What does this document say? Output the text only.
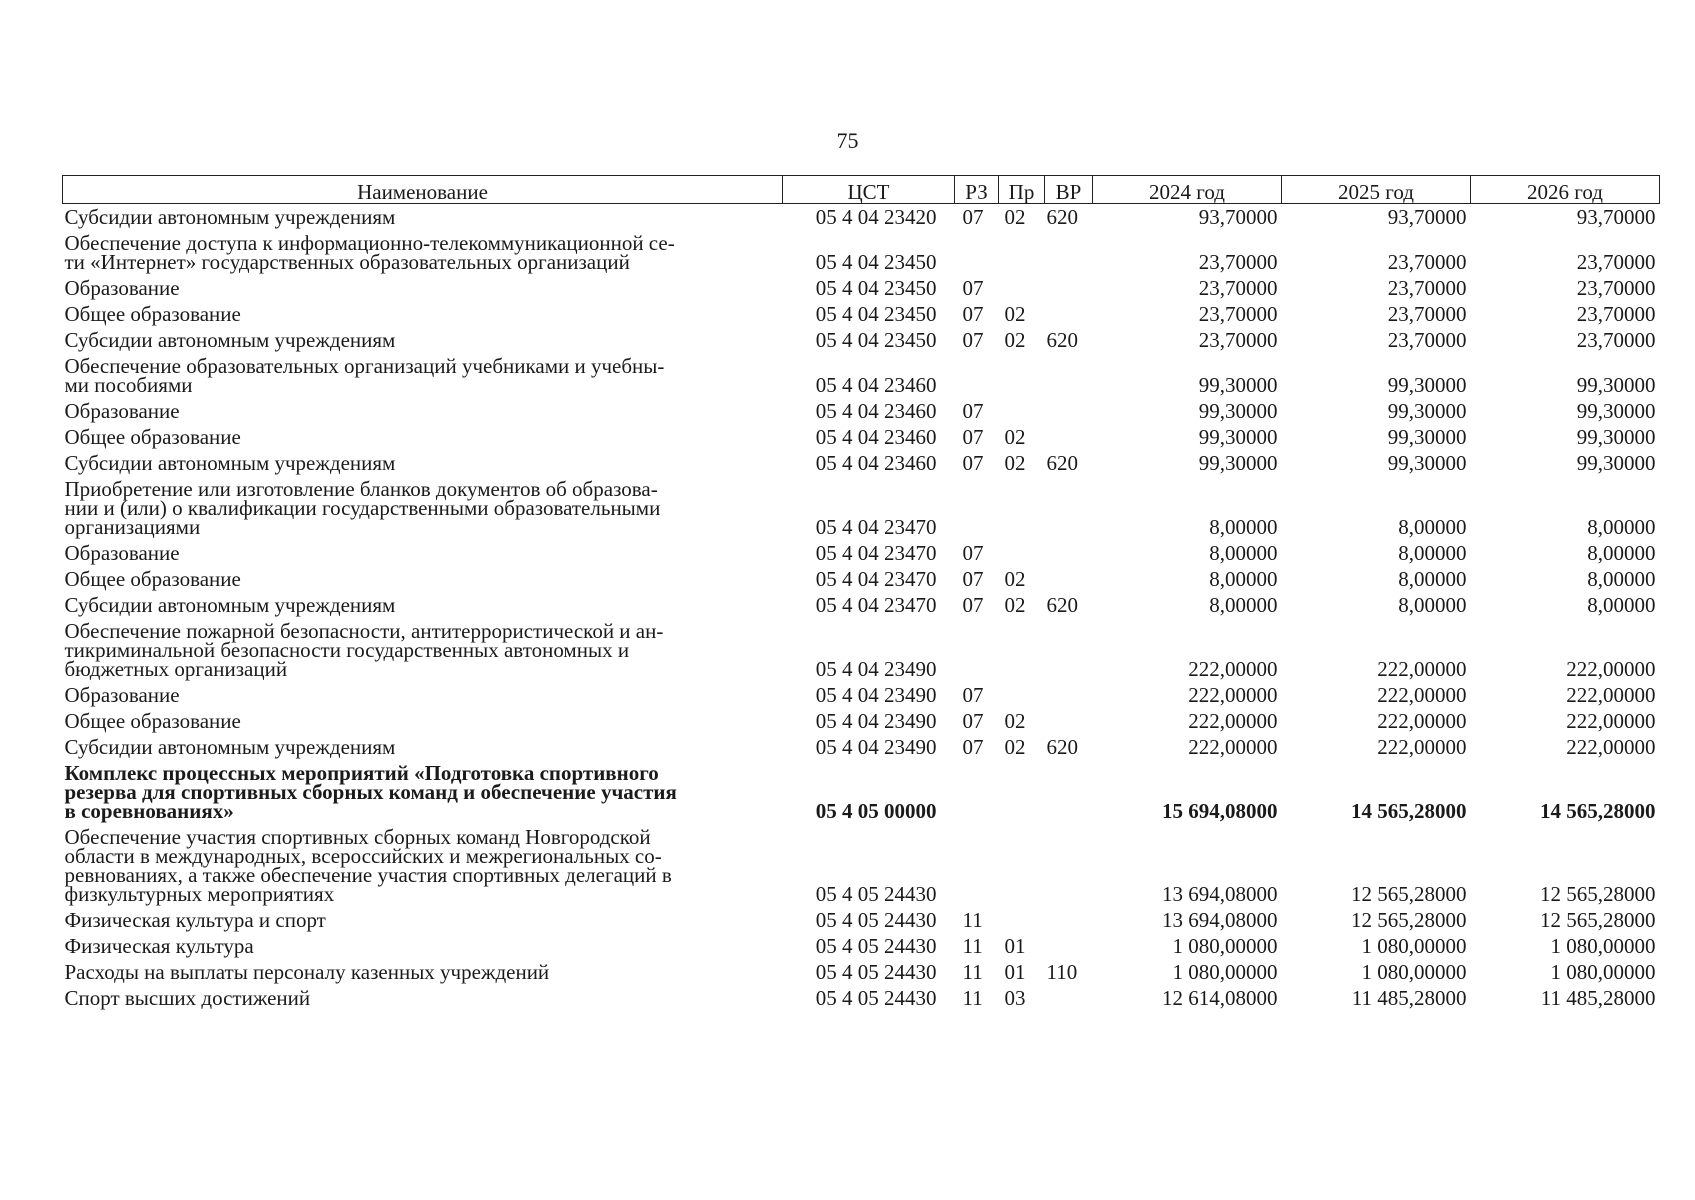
75
Наименование	ЦСТ	РЗ	Пр	ВР	2024 год	2025 год	2026 год

Субсидии автономным учреждениям	05 4 04 23420	07	02	620	93,70000	93,70000	93,70000

Обеспечение доступа к информационно-телекоммуникационной се-
ти «Интернет» государственных образовательных организаций	05 4 04 23450				23,70000	23,70000	23,70000

Образование	05 4 04 23450	07			23,70000	23,70000	23,70000

Общее образование	05 4 04 23450	07	02		23,70000	23,70000	23,70000

Субсидии автономным учреждениям	05 4 04 23450	07	02	620	23,70000	23,70000	23,70000

Обеспечение образовательных организаций учебниками и учебны-
ми пособиями	05 4 04 23460				99,30000	99,30000	99,30000

Образование	05 4 04 23460	07			99,30000	99,30000	99,30000

Общее образование	05 4 04 23460	07	02		99,30000	99,30000	99,30000

Субсидии автономным учреждениям	05 4 04 23460	07	02	620	99,30000	99,30000	99,30000

Приобретение или изготовление бланков документов об образова-
нии и (или) о квалификации государственными образовательными
организациями	05 4 04 23470				8,00000	8,00000	8,00000

Образование	05 4 04 23470	07			8,00000	8,00000	8,00000

Общее образование	05 4 04 23470	07	02		8,00000	8,00000	8,00000

Субсидии автономным учреждениям	05 4 04 23470	07	02	620	8,00000	8,00000	8,00000

Обеспечение пожарной безопасности, антитеррористической и ан-
тикриминальной безопасности государственных автономных и
бюджетных организаций	05 4 04 23490				222,00000	222,00000	222,00000

Образование	05 4 04 23490	07			222,00000	222,00000	222,00000

Общее образование	05 4 04 23490	07	02		222,00000	222,00000	222,00000

Субсидии автономным учреждениям	05 4 04 23490	07	02	620	222,00000	222,00000	222,00000

Комплекс процессных мероприятий «Подготовка спортивного
резерва для спортивных сборных команд и обеспечение участия
в соревнованиях»	05 4 05 00000				15 694,08000	14 565,28000	14 565,28000

Обеспечение участия спортивных сборных команд Новгородской
области в международных, всероссийских и межрегиональных со-
ревнованиях, а также обеспечение участия спортивных делегаций в
физкультурных мероприятиях	05 4 05 24430				13 694,08000	12 565,28000	12 565,28000

Физическая культура и спорт	05 4 05 24430	11			13 694,08000	12 565,28000	12 565,28000

Физическая культура	05 4 05 24430	11	01		1 080,00000	1 080,00000	1 080,00000

Расходы на выплаты персоналу казенных учреждений	05 4 05 24430	11	01	110	1 080,00000	1 080,00000	1 080,00000

Спорт высших достижений	05 4 05 24430	11	03		12 614,08000	11 485,28000	11 485,28000
